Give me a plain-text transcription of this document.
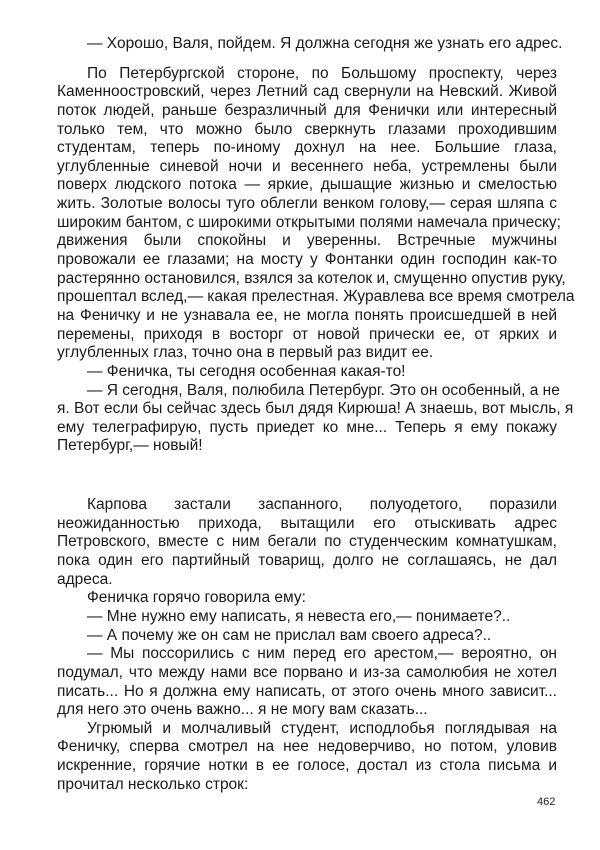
— Хорошо, Валя, пойдем. Я должна сегодня же узнать его адрес.
По Петербургской стороне, по Большому проспекту, через
Каменноостровский, через Летний сад свернули на Невский. Живой
поток людей, раньше безразличный для Фенички или интересный
только тем, что можно было сверкнуть глазами проходившим
студентам, теперь по-иному дохнул на нее. Большие глаза,
углубленные синевой ночи и весеннего неба, устремлены были
поверх людского потока — яркие, дышащие жизнью и смелостью
жить. Золотые волосы туго облегли венком голову,— серая шляпа с
широким бантом, с широкими открытыми полями намечала прическу;
движения были спокойны и уверенны. Встречные мужчины
провожали ее глазами; на мосту у Фонтанки один господин как-то
растерянно остановился, взялся за котелок и, смущенно опустив руку,
прошептал вслед,— какая прелестная. Журавлева все время смотрела
на Феничку и не узнавала ее, не могла понять происшедшей в ней
перемены, приходя в восторг от новой прически ее, от ярких и
углубленных глаз, точно она в первый раз видит ее.
— Феничка, ты сегодня особенная какая-то!
— Я сегодня, Валя, полюбила Петербург. Это он особенный, а не
я. Вот если бы сейчас здесь был дядя Кирюша! А знаешь, вот мысль, я
ему телеграфирую, пусть приедет ко мне... Теперь я ему покажу
Петербург,— новый!
Карпова застали заспанного, полуодетого, поразили
неожиданностью прихода, вытащили его отыскивать адрес
Петровского, вместе с ним бегали по студенческим комнатушкам,
пока один его партийный товарищ, долго не соглашаясь, не дал
адреса.
Феничка горячо говорила ему:
— Мне нужно ему написать, я невеста его,— понимаете?..
— А почему же он сам не прислал вам своего адреса?..
— Мы поссорились с ним перед его арестом,— вероятно, он
подумал, что между нами все порвано и из-за самолюбия не хотел
писать... Но я должна ему написать, от этого очень много зависит...
для него это очень важно... я не могу вам сказать...
Угрюмый и молчаливый студент, исподлобья поглядывая на
Феничку, сперва смотрел на нее недоверчиво, но потом, уловив
искренние, горячие нотки в ее голосе, достал из стола письма и
прочитал несколько строк:
462
